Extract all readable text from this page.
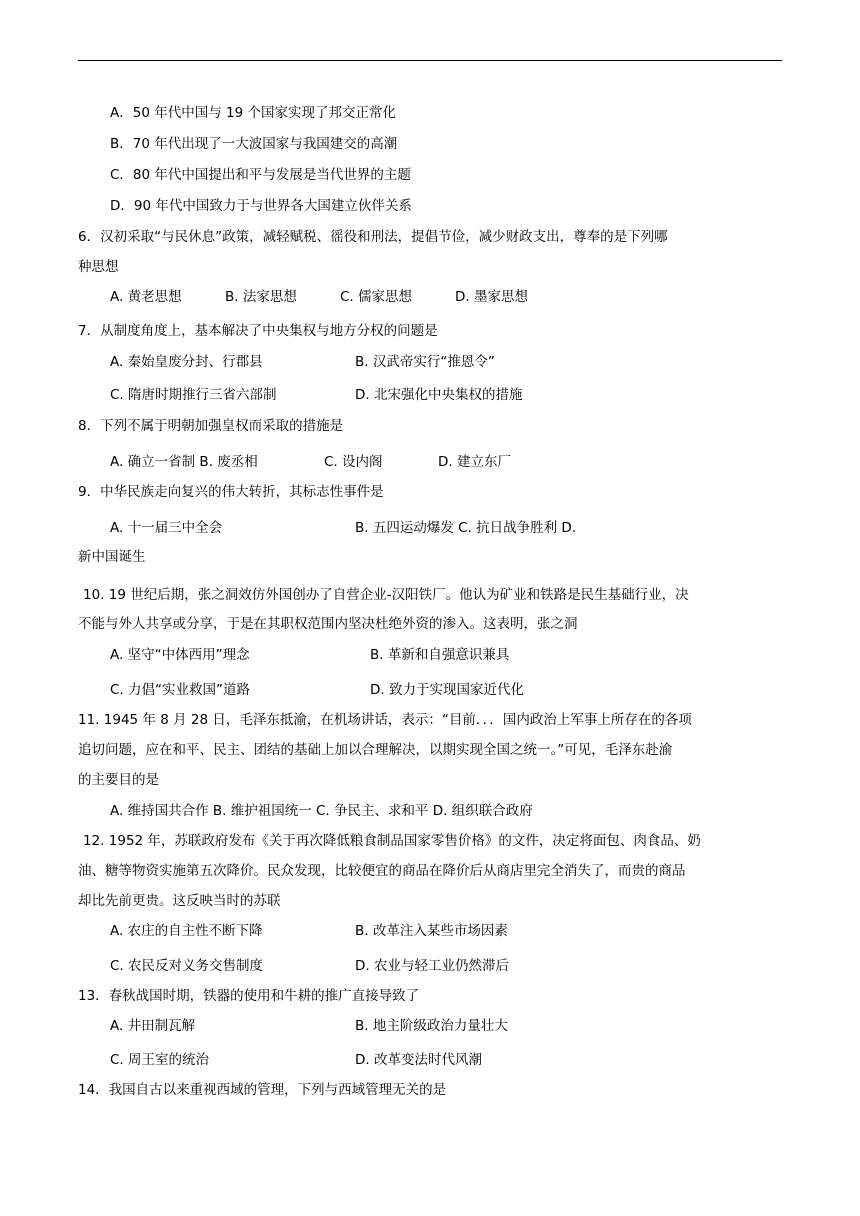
A．50 年代中国与 19 个国家实现了邦交正常化
B．70 年代出现了一大波国家与我国建交的高潮
C．80 年代中国提出和平与发展是当代世界的主题
D．90 年代中国致力于与世界各大国建立伙伴关系
6．汉初采取“与民休息”政策，减轻赋税、徭役和刑法，提倡节俭，减少财政支出，尊奉的是下列哪
种思想
A. 黄老思想	B. 法家思想	C. 儒家思想	D. 墨家思想
7．从制度角度上，基本解决了中央集权与地方分权的问题是
A. 秦始皇废分封、行郡县	B. 汉武帝实行“推恩令”
C. 隋唐时期推行三省六部制	D. 北宋强化中央集权的措施
8．下列不属于明朝加强皇权而采取的措施是
A. 确立一省制 B. 废丞相	C. 设内阁	D. 建立东厂
9．中华民族走向复兴的伟大转折，其标志性事件是
A. 十一届三中全会	B. 五四运动爆发 C. 抗日战争胜利 D.
新中国诞生
10. 19 世纪后期，张之洞效仿外国创办了自营企业-汉阳铁厂。他认为矿业和铁路是民生基础行业，决
不能与外人共享或分享，于是在其职权范围内坚决杜绝外资的渗入。这表明，张之洞
A. 坚守“中体西用”理念	B. 革新和自强意识兼具
C. 力倡“实业救国”道路	D. 致力于实现国家近代化
11. 1945 年 8 月 28 日，毛泽东抵渝，在机场讲话，表示：“目前．．．国内政治上军事上所存在的各项
追切问题，应在和平、民主、团结的基础上加以合理解决，以期实现全国之统一。”可见，毛泽东赴渝
的主要目的是
A. 维持国共合作 B. 维护祖国统一 C. 争民主、求和平 D. 组织联合政府
12. 1952 年，苏联政府发布《关于再次降低粮食制品国家零售价格》的文件，决定将面包、肉食品、奶
油、糖等物资实施第五次降价。民众发现，比较便宜的商品在降价后从商店里完全消失了，而贵的商品
却比先前更贵。这反映当时的苏联
A. 农庄的自主性不断下降	B. 改革注入某些市场因素
C. 农民反对义务交售制度	D. 农业与轻工业仍然滞后
13．春秋战国时期，铁器的使用和牛耕的推广直接导致了
A. 井田制瓦解	B. 地主阶级政治力量壮大
C. 周王室的统治	D. 改革变法时代风潮
14．我国自古以来重视西域的管理，下列与西域管理无关的是
